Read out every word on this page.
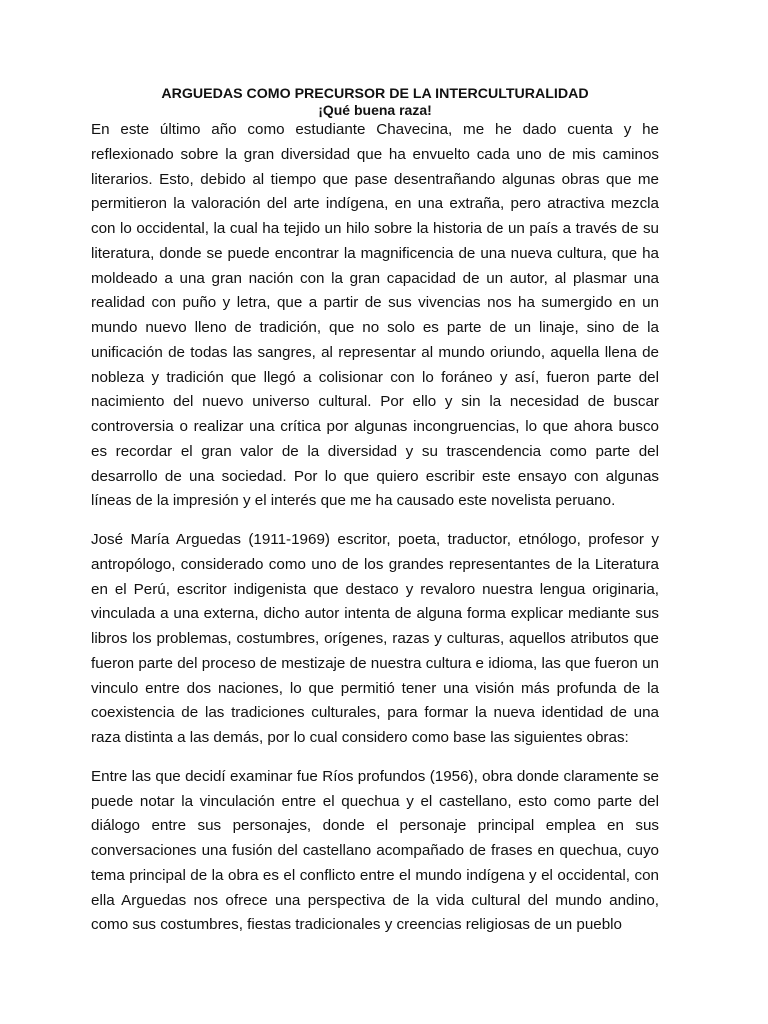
ARGUEDAS COMO PRECURSOR DE LA INTERCULTURALIDAD
¡Qué buena raza!

En este último año como estudiante Chavecina, me he dado cuenta y he reflexionado sobre la gran diversidad que ha envuelto cada uno de mis caminos literarios. Esto, debido al tiempo que pase desentrañando algunas obras que me permitieron la valoración del arte indígena, en una extraña, pero atractiva mezcla con lo occidental, la cual ha tejido un hilo sobre la historia de un país a través de su literatura, donde se puede encontrar la magnificencia de una nueva cultura, que ha moldeado a una gran nación con la gran capacidad de un autor, al plasmar una realidad con puño y letra, que a partir de sus vivencias nos ha sumergido en un mundo nuevo lleno de tradición, que no solo es parte de un linaje, sino de la unificación de todas las sangres, al representar al mundo oriundo, aquella llena de nobleza y tradición que llegó a colisionar con lo foráneo y así, fueron parte del nacimiento del nuevo universo cultural. Por ello y sin la necesidad de buscar controversia o realizar una crítica por algunas incongruencias, lo que ahora busco es recordar el gran valor de la diversidad y su trascendencia como parte del desarrollo de una sociedad. Por lo que quiero escribir este ensayo con algunas líneas de la impresión y el interés que me ha causado este novelista peruano.

José María Arguedas (1911-1969) escritor, poeta, traductor, etnólogo, profesor y antropólogo, considerado como uno de los grandes representantes de la Literatura en el Perú, escritor indigenista que destaco y revaloro nuestra lengua originaria, vinculada a una externa, dicho autor intenta de alguna forma explicar mediante sus libros los problemas, costumbres, orígenes, razas y culturas, aquellos atributos que fueron parte del proceso de mestizaje de nuestra cultura e idioma, las que fueron un vinculo entre dos naciones, lo que permitió tener una visión más profunda de la coexistencia de las tradiciones culturales, para formar la nueva identidad de una raza distinta a las demás, por lo cual considero como base las siguientes obras:

Entre las que decidí examinar fue Ríos profundos (1956), obra donde claramente se puede notar la vinculación entre el quechua y el castellano, esto como parte del diálogo entre sus personajes, donde el personaje principal emplea en sus conversaciones una fusión del castellano acompañado de frases en quechua, cuyo tema principal de la obra es el conflicto entre el mundo indígena y el occidental, con ella Arguedas nos ofrece una perspectiva de la vida cultural del mundo andino, como sus costumbres, fiestas tradicionales y creencias religiosas de un pueblo
